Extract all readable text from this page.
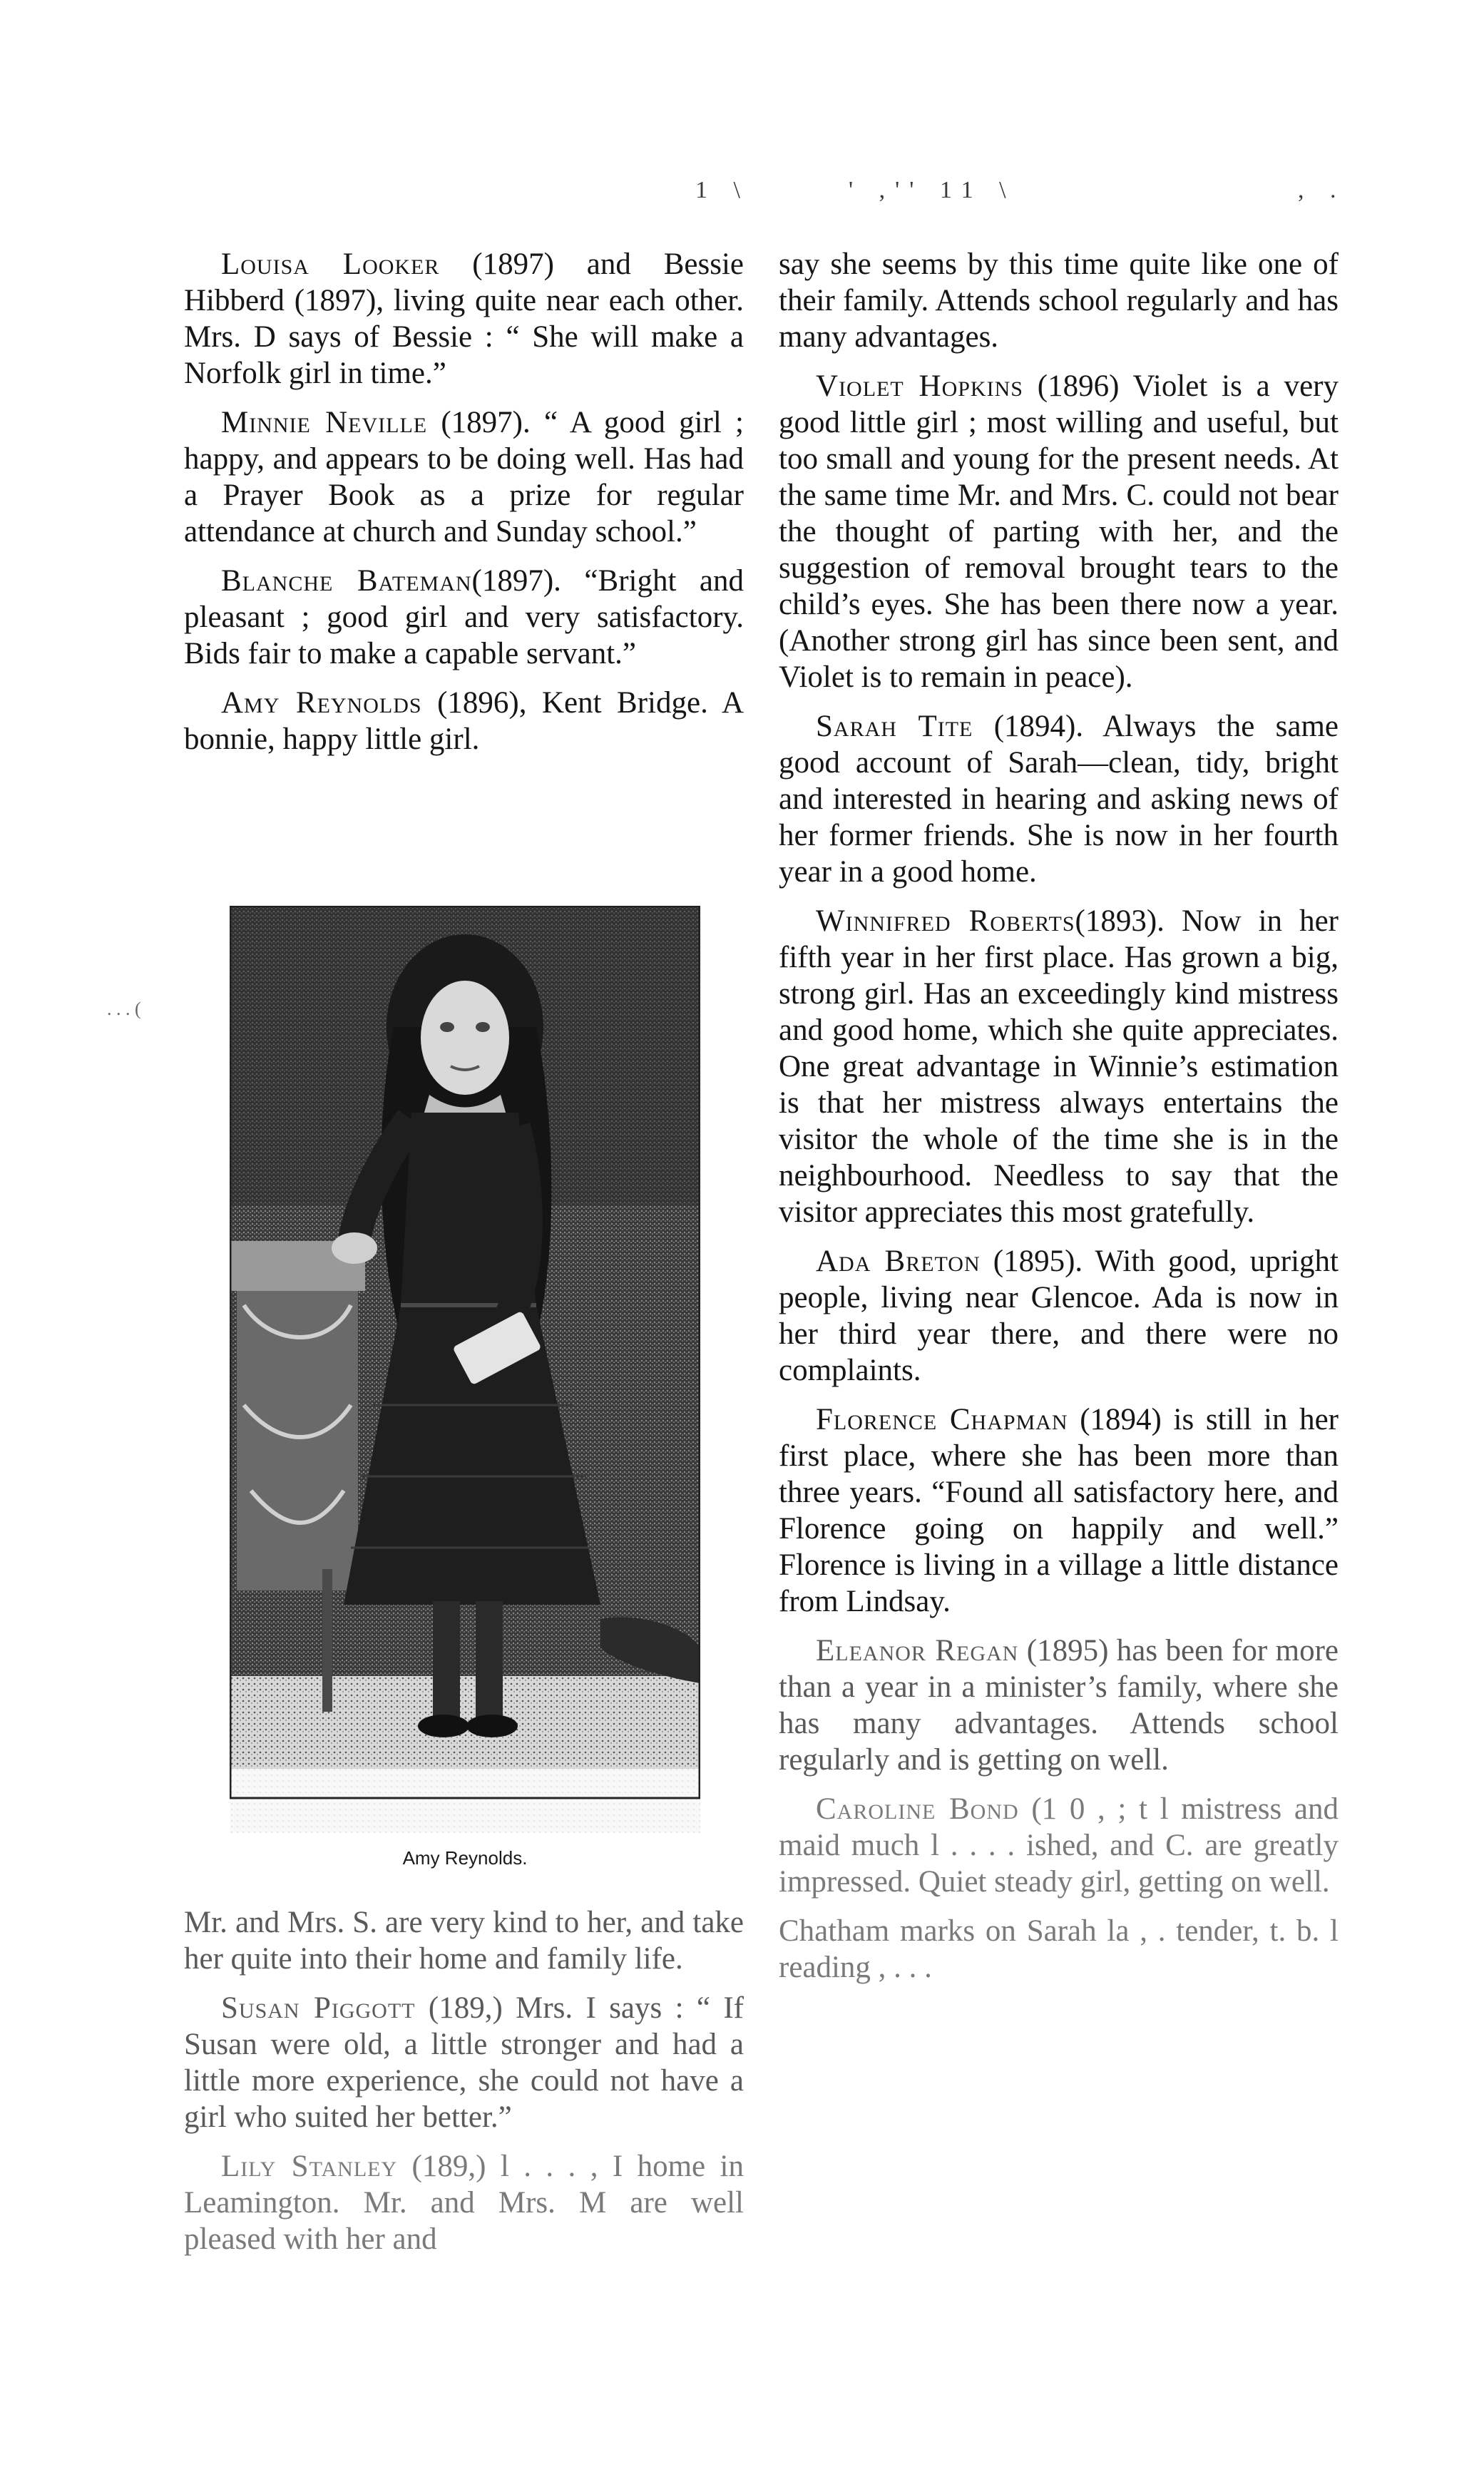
1 \	' ,'' 11 \	, .
. . . (

Louisa Looker (1897) and Bessie Hibberd (1897), living quite near each other. Mrs. D says of Bessie : “ She will make a Norfolk girl in time.”

Minnie Neville (1897). “ A good girl ; happy, and appears to be doing well. Has had a Prayer Book as a prize for regular attendance at church and Sunday school.”

Blanche Bateman(1897). “Bright and pleasant ; good girl and very satisfactory. Bids fair to make a capable servant.”

Amy Reynolds (1896), Kent Bridge. A bonnie, happy little girl.

Amy Reynolds.

Mr. and Mrs. S. are very kind to her, and take her quite into their home and family life.

Susan Piggott (189,) Mrs. I says : “ If Susan were old, a little stronger and had a little more experience, she could not have a girl who suited her better.”

Lily Stanley (189,) l . . . , I home in Leamington. Mr. and Mrs. M are well pleased with her and

say she seems by this time quite like one of their family. Attends school regularly and has many advantages.

Violet Hopkins (1896) Violet is a very good little girl ; most willing and useful, but too small and young for the present needs. At the same time Mr. and Mrs. C. could not bear the thought of parting with her, and the suggestion of removal brought tears to the child’s eyes. She has been there now a year. (Another strong girl has since been sent, and Violet is to remain in peace).

Sarah Tite (1894). Always the same good account of Sarah—clean, tidy, bright and interested in hearing and asking news of her former friends. She is now in her fourth year in a good home.

Winnifred Roberts(1893). Now in her fifth year in her first place. Has grown a big, strong girl. Has an exceedingly kind mistress and good home, which she quite appreciates. One great advantage in Winnie’s estimation is that her mistress always entertains the visitor the whole of the time she is in the neighbourhood. Needless to say that the visitor appreciates this most gratefully.

Ada Breton (1895). With good, upright people, living near Glencoe. Ada is now in her third year there, and there were no complaints.

Florence Chapman (1894) is still in her first place, where she has been more than three years. “Found all satisfactory here, and Florence going on happily and well.” Florence is living in a village a little distance from Lindsay.

Eleanor Regan (1895) has been for more than a year in a minister’s family, where she has many advantages. Attends school regularly and is getting on well.

Caroline Bond (1 0 , ; t l mistress and maid much l . . . . ished, and C. are greatly impressed. Quiet steady girl, getting on well.

Chatham marks on Sarah la , . tender, t. b. l reading , . . .
